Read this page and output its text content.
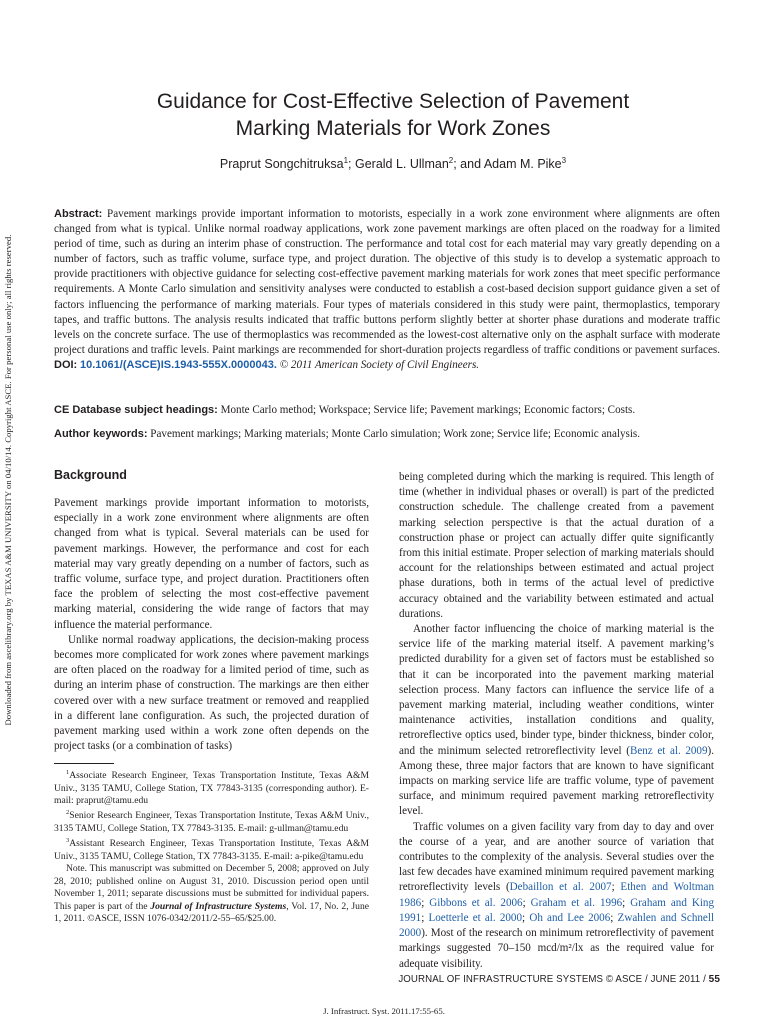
Downloaded from ascelibrary.org by TEXAS A&M UNIVERSITY on 04/10/14. Copyright ASCE. For personal use only; all rights reserved.
Guidance for Cost-Effective Selection of Pavement
Marking Materials for Work Zones
Praprut Songchitruksa$^1$; Gerald L. Ullman$^2$; and Adam M. Pike$^3$

Abstract: Pavement markings provide important information to motorists, especially in a work zone environment where alignments are often changed from what is typical. Unlike normal roadway applications, work zone pavement markings are often placed on the roadway for a limited period of time, such as during an interim phase of construction. The performance and total cost for each material may vary greatly depending on a number of factors, such as traffic volume, surface type, and project duration. The objective of this study is to develop a systematic approach to provide practitioners with objective guidance for selecting cost-effective pavement marking materials for work zones that meet specific performance requirements. A Monte Carlo simulation and sensitivity analyses were conducted to establish a cost-based decision support guidance given a set of factors influencing the performance of marking materials. Four types of materials considered in this study were paint, thermoplastics, temporary tapes, and traffic buttons. The analysis results indicated that traffic buttons perform slightly better at shorter phase durations and moderate traffic levels on the concrete surface. The use of thermoplastics was recommended as the lowest-cost alternative only on the asphalt surface with moderate project durations and traffic levels. Paint markings are recommended for short-duration projects regardless of traffic conditions or pavement surfaces. DOI: 10.1061/(ASCE)IS.1943-555X.0000043. © 2011 American Society of Civil Engineers.

CE Database subject headings: Monte Carlo method; Workspace; Service life; Pavement markings; Economic factors; Costs.

Author keywords: Pavement markings; Marking materials; Monte Carlo simulation; Work zone; Service life; Economic analysis.

Background

Pavement markings provide important information to motorists, especially in a work zone environment where alignments are often changed from what is typical. Several materials can be used for pavement markings. However, the performance and cost for each material may vary greatly depending on a number of factors, such as traffic volume, surface type, and project duration. Practitioners often face the problem of selecting the most cost-effective pavement marking material, considering the wide range of factors that may influence the material performance.

Unlike normal roadway applications, the decision-making process becomes more complicated for work zones where pavement markings are often placed on the roadway for a limited period of time, such as during an interim phase of construction. The markings are then either covered over with a new surface treatment or removed and reapplied in a different lane configuration. As such, the projected duration of pavement marking used within a work zone often depends on the project tasks (or a combination of tasks)

$^1$Associate Research Engineer, Texas Transportation Institute, Texas A&M Univ., 3135 TAMU, College Station, TX 77843-3135 (corresponding author). E-mail: praprut@tamu.edu

$^2$Senior Research Engineer, Texas Transportation Institute, Texas A&M Univ., 3135 TAMU, College Station, TX 77843-3135. E-mail: g-ullman@tamu.edu

$^3$Assistant Research Engineer, Texas Transportation Institute, Texas A&M Univ., 3135 TAMU, College Station, TX 77843-3135. E-mail: a-pike@tamu.edu

Note. This manuscript was submitted on December 5, 2008; approved on July 28, 2010; published online on August 31, 2010. Discussion period open until November 1, 2011; separate discussions must be submitted for individual papers. This paper is part of the Journal of Infrastructure Systems, Vol. 17, No. 2, June 1, 2011. ©ASCE, ISSN 1076-0342/2011/2-55–65/$25.00.

being completed during which the marking is required. This length of time (whether in individual phases or overall) is part of the predicted construction schedule. The challenge created from a pavement marking selection perspective is that the actual duration of a construction phase or project can actually differ quite significantly from this initial estimate. Proper selection of marking materials should account for the relationships between estimated and actual project phase durations, both in terms of the actual level of predictive accuracy obtained and the variability between estimated and actual durations.

Another factor influencing the choice of marking material is the service life of the marking material itself. A pavement marking’s predicted durability for a given set of factors must be established so that it can be incorporated into the pavement marking material selection process. Many factors can influence the service life of a pavement marking material, including weather conditions, winter maintenance activities, installation conditions and quality, retroreflective optics used, binder type, binder thickness, binder color, and the minimum selected retroreflectivity level (Benz et al. 2009). Among these, three major factors that are known to have significant impacts on marking service life are traffic volume, type of pavement surface, and minimum required pavement marking retroreflectivity level.

Traffic volumes on a given facility vary from day to day and over the course of a year, and are another source of variation that contributes to the complexity of the analysis. Several studies over the last few decades have examined minimum required pavement marking retroreflectivity levels (Debaillon et al. 2007; Ethen and Woltman 1986; Gibbons et al. 2006; Graham et al. 1996; Graham and King 1991; Loetterle et al. 2000; Oh and Lee 2006; Zwahlen and Schnell 2000). Most of the research on minimum retroreflectivity of pavement markings suggested 70–150 mcd/m²/lx as the required value for adequate visibility.

JOURNAL OF INFRASTRUCTURE SYSTEMS © ASCE / JUNE 2011 / 55
J. Infrastruct. Syst. 2011.17:55-65.
